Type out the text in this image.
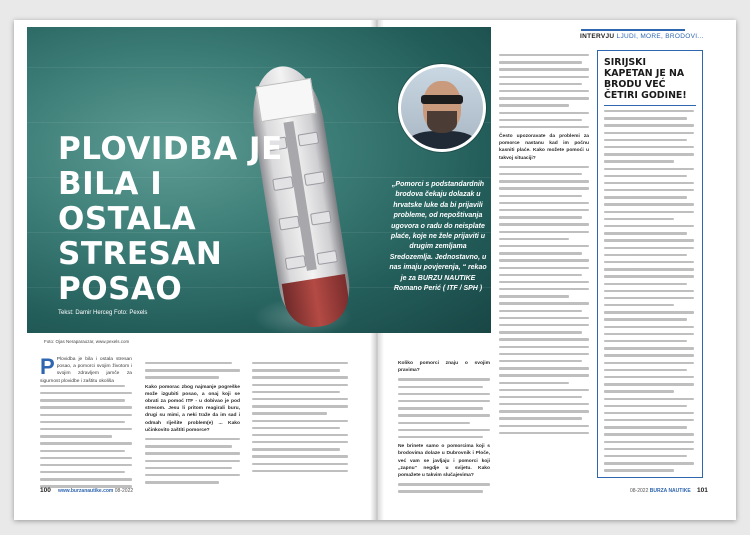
PLOVIDBA JE BILA I OSTALA STRESAN POSAO
Tekst: Damir Herceg Foto: Pexels
Foto: Ojas Neraparaozar, www.pexels.com

„Pomorci s podstandardnih brodova čekaju dolazak u hrvatske luke da bi prijavili probleme, od nepoštivanja ugovora o radu do neisplate plaće, koje ne žele prijaviti u drugim zemljama Sredozemlja. Jednostavno, u nas imaju povjerenja, “ rekao je za BURZU NAUTIKE Romano Perić ( ITF / SPH )

P Plovidba je bila i ostala stresan posao, a pomorci svojim životom i svojim zdravljem jamče za sigurnost plovidbe i zaštitu okoliša

Kako pomorac zbog najmanje pogreške može izgubiti posao, a onaj koji se obrati za pomoć ITF - u dobivao je pod stresom. Jesu li pritom reagirali buru, drugi su mimi, a neki traže da im sad i odmah riješite problem(e) ... Kako učinkovito zaštiti pomorce?

Koliko pomorci znaju o svojim pravima?

Ne brinete samo o pomorcima koji s brodovima dolaze u Dubrovnik i Ploče, već vam se javljaju i pomorci koji „zapnu“ negdje u svijetu. Kako pomažete u takvim slučajevima?

Često upozoravate da problemi za pomorce nastanu kad im počnu kasniti plaće. Kako možete pomoći u takvoj situaciji?

INTERVJU LJUDI, MORE, BRODOVI...
SIRIJSKI KAPETAN JE NA BRODU VEĆ ČETIRI GODINE!
100 www.burzanautike.com 08-2022	08-2022 BURZA NAUTIKE 101
